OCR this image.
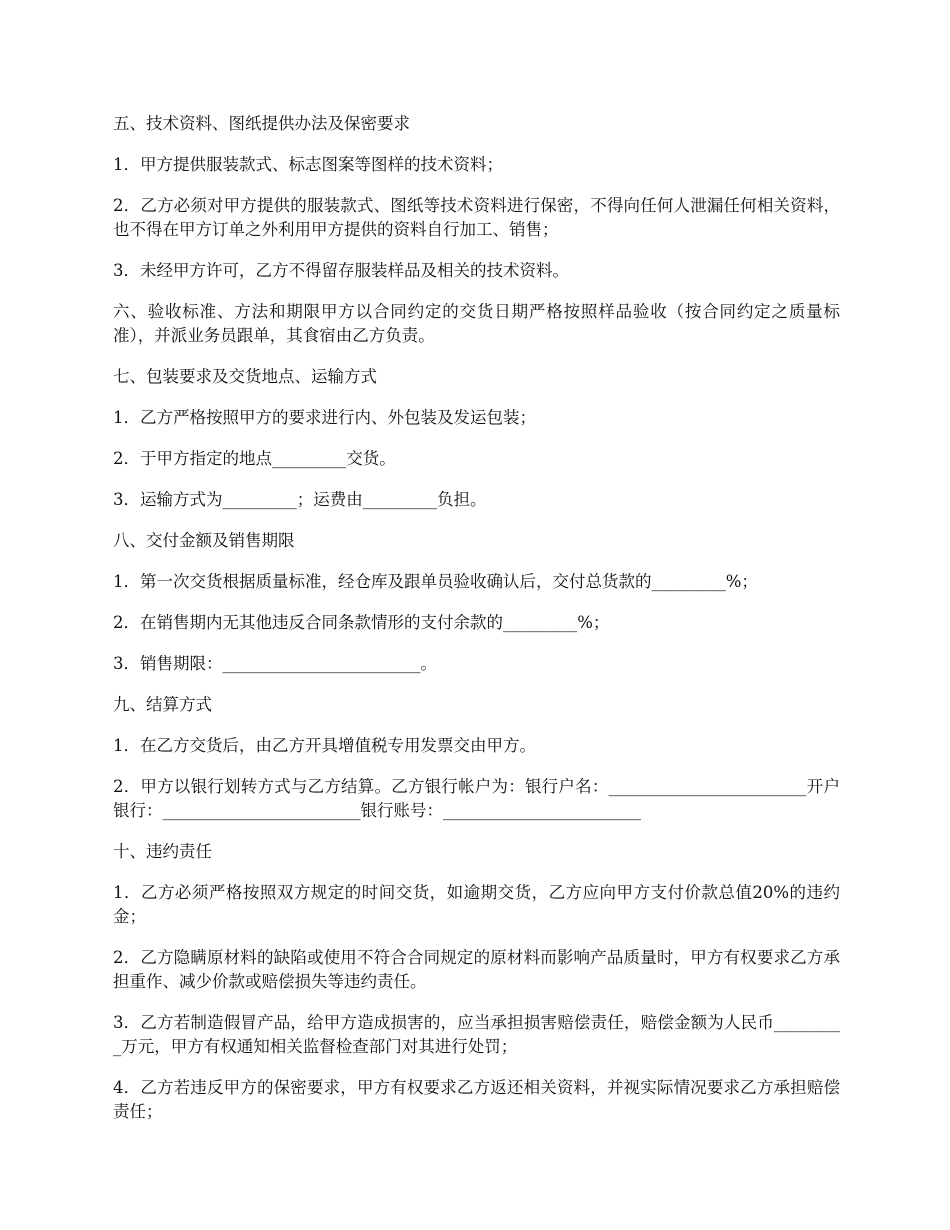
五、技术资料、图纸提供办法及保密要求

1．甲方提供服装款式、标志图案等图样的技术资料；

2．乙方必须对甲方提供的服装款式、图纸等技术资料进行保密，不得向任何人泄漏任何相关资料，也不得在甲方订单之外利用甲方提供的资料自行加工、销售；

3．未经甲方许可，乙方不得留存服装样品及相关的技术资料。

六、验收标准、方法和期限甲方以合同约定的交货日期严格按照样品验收（按合同约定之质量标准），并派业务员跟单，其食宿由乙方负责。

七、包装要求及交货地点、运输方式

1．乙方严格按照甲方的要求进行内、外包装及发运包装；

2．于甲方指定的地点_________交货。

3．运输方式为_________；运费由_________负担。

八、交付金额及销售期限

1．第一次交货根据质量标准，经仓库及跟单员验收确认后，交付总货款的_________%；

2．在销售期内无其他违反合同条款情形的支付余款的_________%；

3．销售期限：________________________。

九、结算方式

1．在乙方交货后，由乙方开具增值税专用发票交由甲方。

2．甲方以银行划转方式与乙方结算。乙方银行帐户为：银行户名：________________________开户银行：________________________银行账号：________________________

十、违约责任

1．乙方必须严格按照双方规定的时间交货，如逾期交货，乙方应向甲方支付价款总值20%的违约金；

2．乙方隐瞒原材料的缺陷或使用不符合合同规定的原材料而影响产品质量时，甲方有权要求乙方承担重作、减少价款或赔偿损失等违约责任。

3．乙方若制造假冒产品，给甲方造成损害的，应当承担损害赔偿责任，赔偿金额为人民币_________万元，甲方有权通知相关监督检查部门对其进行处罚；

4．乙方若违反甲方的保密要求，甲方有权要求乙方返还相关资料，并视实际情况要求乙方承担赔偿责任；
